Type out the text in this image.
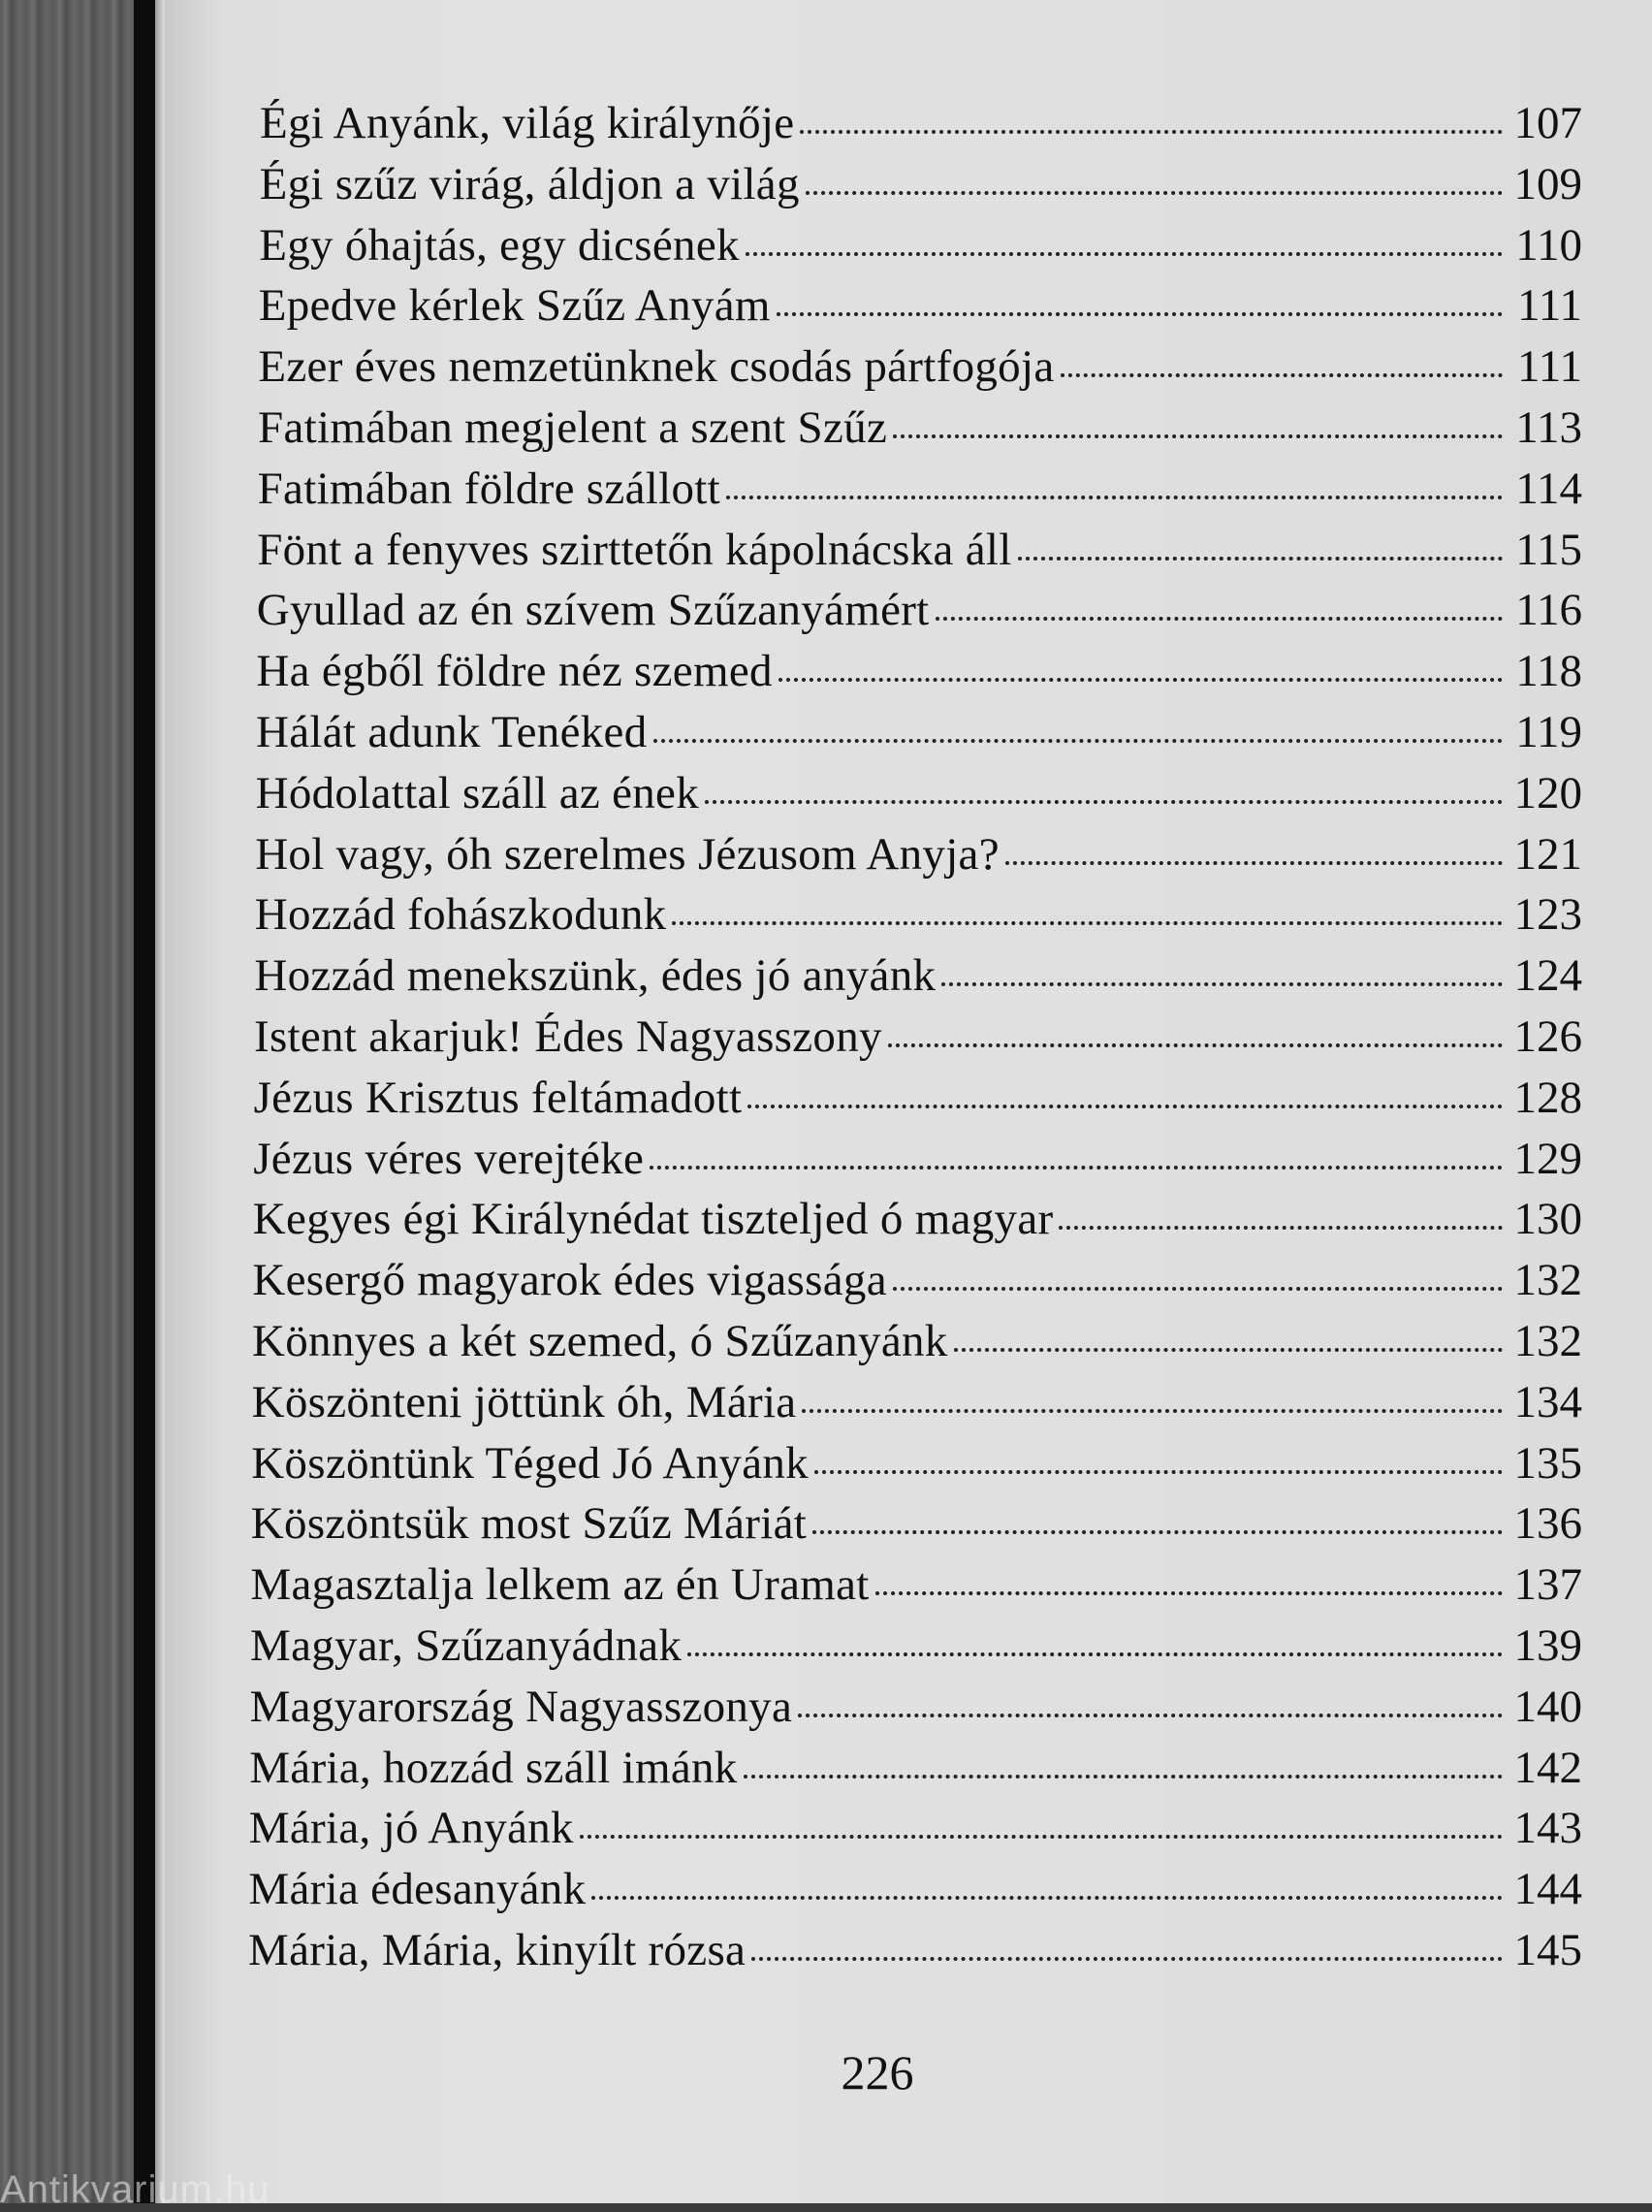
Égi Anyánk, világ királynője	107
Égi szűz virág, áldjon a világ	109
Egy óhajtás, egy dicsének	110
Epedve kérlek Szűz Anyám	111
Ezer éves nemzetünknek csodás pártfogója	111
Fatimában megjelent a szent Szűz	113
Fatimában földre szállott	114
Fönt a fenyves szirttetőn kápolnácska áll	115
Gyullad az én szívem Szűzanyámért	116
Ha égből földre néz szemed	118
Hálát adunk Tenéked	119
Hódolattal száll az ének	120
Hol vagy, óh szerelmes Jézusom Anyja?	121
Hozzád fohászkodunk	123
Hozzád menekszünk, édes jó anyánk	124
Istent akarjuk! Édes Nagyasszony	126
Jézus Krisztus feltámadott	128
Jézus véres verejtéke	129
Kegyes égi Királynédat tiszteljed ó magyar	130
Kesergő magyarok édes vigassága	132
Könnyes a két szemed, ó Szűzanyánk	132
Köszönteni jöttünk óh, Mária	134
Köszöntünk Téged Jó Anyánk	135
Köszöntsük most Szűz Máriát	136
Magasztalja lelkem az én Uramat	137
Magyar, Szűzanyádnak	139
Magyarország Nagyasszonya	140
Mária, hozzád száll imánk	142
Mária, jó Anyánk	143
Mária édesanyánk	144
Mária, Mária, kinyílt rózsa	145
226
Antikvarium.hu
